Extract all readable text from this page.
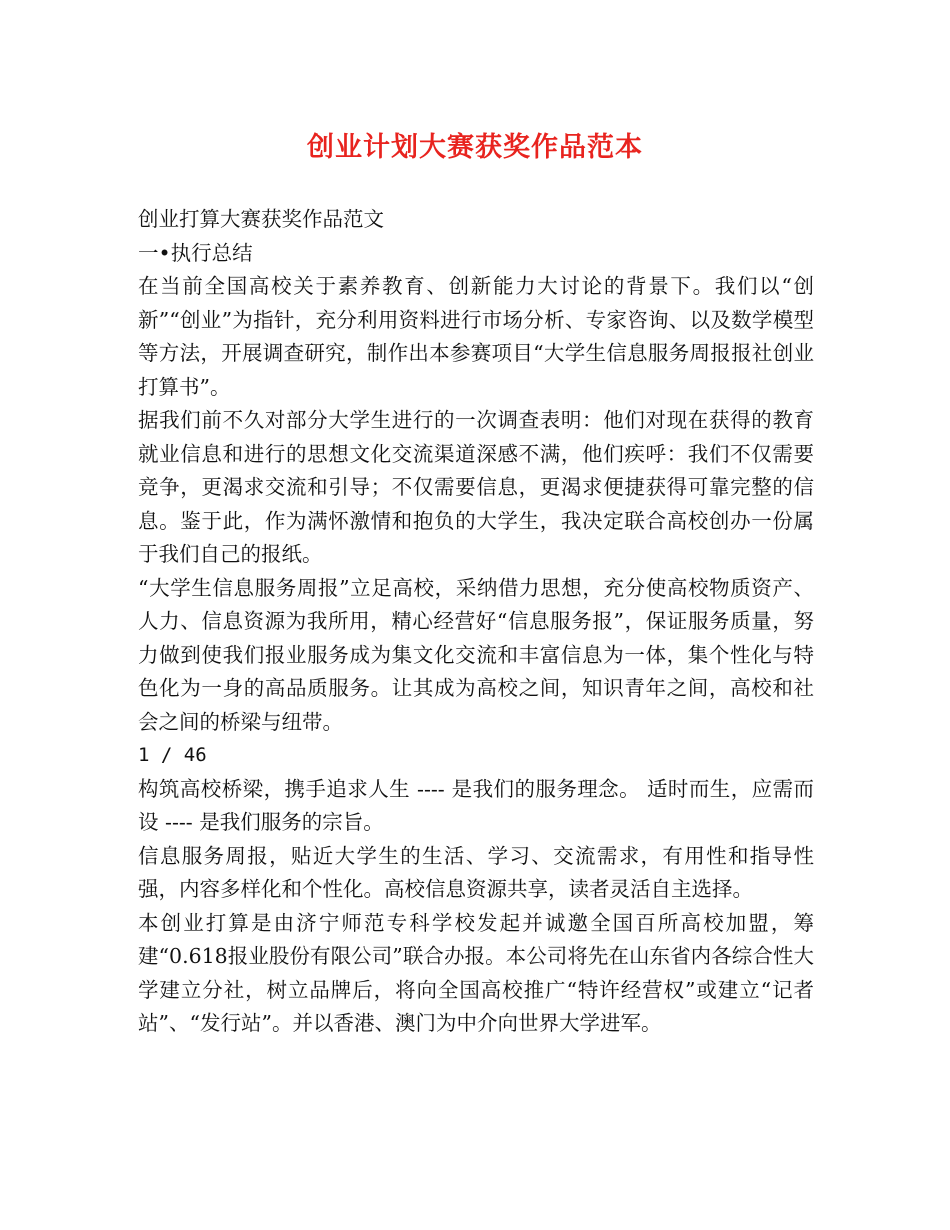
创业计划大赛获奖作品范本

创业打算大赛获奖作品范文

一•执行总结

在当前全国高校关于素养教育、创新能力大讨论的背景下。我们以“创新”“创业”为指针，充分利用资料进行市场分析、专家咨询、以及数学模型等方法，开展调查研究，制作出本参赛项目“大学生信息服务周报报社创业打算书”。

据我们前不久对部分大学生进行的一次调查表明：他们对现在获得的教育就业信息和进行的思想文化交流渠道深感不满，他们疾呼：我们不仅需要竞争，更渴求交流和引导；不仅需要信息，更渴求便捷获得可靠完整的信息。鉴于此，作为满怀激情和抱负的大学生，我决定联合高校创办一份属于我们自己的报纸。

“大学生信息服务周报”立足高校，采纳借力思想，充分使高校物质资产、人力、信息资源为我所用，精心经营好“信息服务报”，保证服务质量，努力做到使我们报业服务成为集文化交流和丰富信息为一体，集个性化与特色化为一身的高品质服务。让其成为高校之间，知识青年之间，高校和社会之间的桥梁与纽带。

1 / 46

构筑高校桥梁，携手追求人生 ---- 是我们的服务理念。 适时而生，应需而设 ---- 是我们服务的宗旨。

信息服务周报，贴近大学生的生活、学习、交流需求，有用性和指导性强，内容多样化和个性化。高校信息资源共享，读者灵活自主选择。

本创业打算是由济宁师范专科学校发起并诚邀全国百所高校加盟，筹建“0.618报业股份有限公司”联合办报。本公司将先在山东省内各综合性大学建立分社，树立品牌后，将向全国高校推广“特许经营权”或建立“记者站”、“发行站”。并以香港、澳门为中介向世界大学进军。
